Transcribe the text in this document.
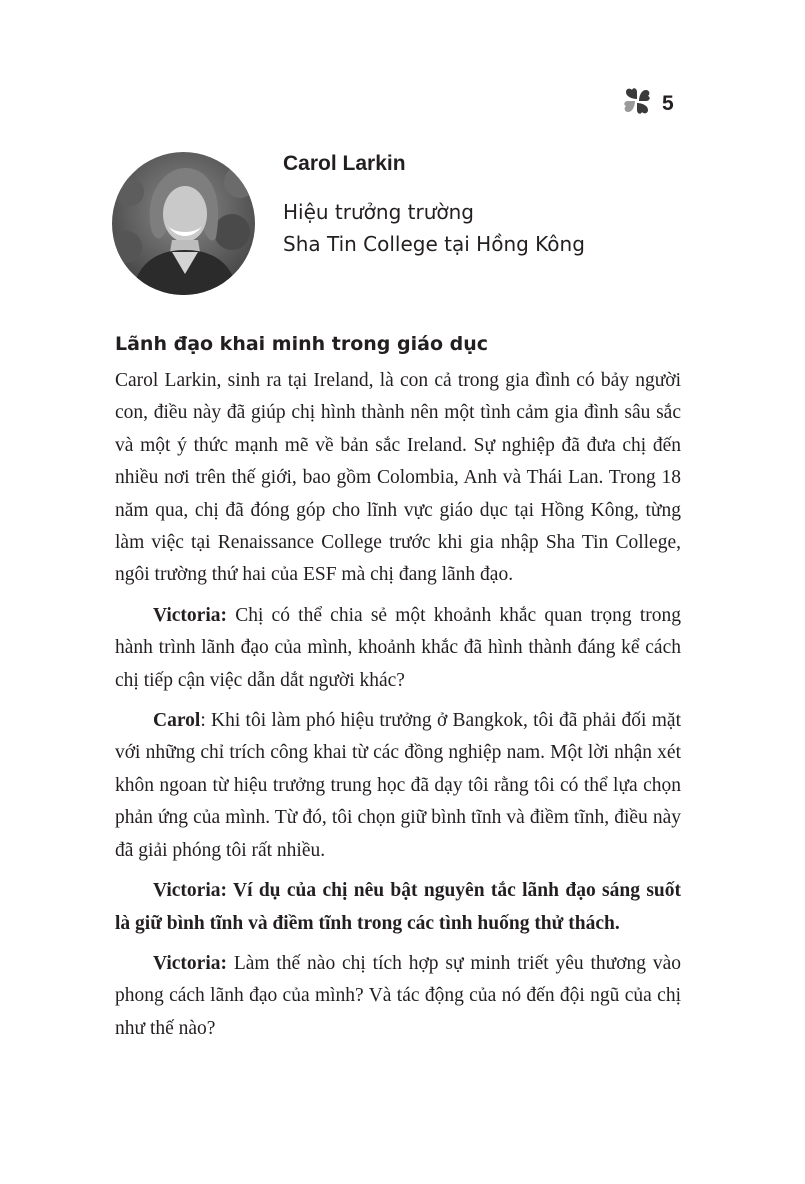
5
Carol Larkin

Hiệu trưởng trường
Sha Tin College tại Hồng Kông

Lãnh đạo khai minh trong giáo dục

Carol Larkin, sinh ra tại Ireland, là con cả trong gia đình có bảy người con, điều này đã giúp chị hình thành nên một tình cảm gia đình sâu sắc và một ý thức mạnh mẽ về bản sắc Ireland. Sự nghiệp đã đưa chị đến nhiều nơi trên thế giới, bao gồm Colombia, Anh và Thái Lan. Trong 18 năm qua, chị đã đóng góp cho lĩnh vực giáo dục tại Hồng Kông, từng làm việc tại Renaissance College trước khi gia nhập Sha Tin College, ngôi trường thứ hai của ESF mà chị đang lãnh đạo.

Victoria: Chị có thể chia sẻ một khoảnh khắc quan trọng trong hành trình lãnh đạo của mình, khoảnh khắc đã hình thành đáng kể cách chị tiếp cận việc dẫn dắt người khác?

Carol: Khi tôi làm phó hiệu trưởng ở Bangkok, tôi đã phải đối mặt với những chỉ trích công khai từ các đồng nghiệp nam. Một lời nhận xét khôn ngoan từ hiệu trưởng trung học đã dạy tôi rằng tôi có thể lựa chọn phản ứng của mình. Từ đó, tôi chọn giữ bình tĩnh và điềm tĩnh, điều này đã giải phóng tôi rất nhiều.

Victoria: Ví dụ của chị nêu bật nguyên tắc lãnh đạo sáng suốt là giữ bình tĩnh và điềm tĩnh trong các tình huống thử thách.

Victoria: Làm thế nào chị tích hợp sự minh triết yêu thương vào phong cách lãnh đạo của mình? Và tác động của nó đến đội ngũ của chị như thế nào?
